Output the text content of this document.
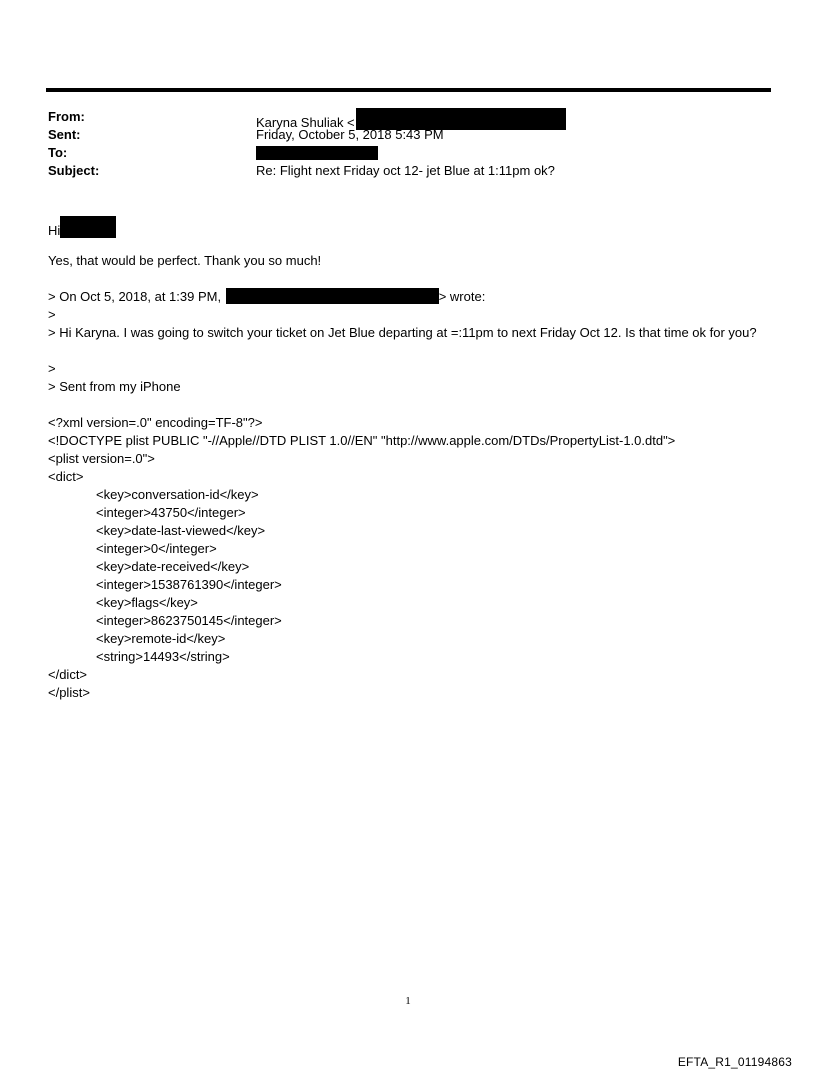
From:	Karyna Shuliak <
Sent:	Friday, October 5, 2018 5:43 PM
To:
Subject:	Re: Flight next Friday oct 12- jet Blue at 1:11pm ok?
Hi
Yes, that would be perfect. Thank you so much!
> On Oct 5, 2018, at 1:39 PM,	> wrote:
>
> Hi Karyna. I was going to switch your ticket on Jet Blue departing at =:11pm to next Friday Oct 12. Is that time ok for you?
>
> Sent from my iPhone
<?xml version=.0" encoding=TF-8"?>
<!DOCTYPE plist PUBLIC "-//Apple//DTD PLIST 1.0//EN" "http://www.apple.com/DTDs/PropertyList-1.0.dtd">
<plist version=.0">
<dict>
<key>conversation-id</key>
<integer>43750</integer>
<key>date-last-viewed</key>
<integer>0</integer>
<key>date-received</key>
<integer>1538761390</integer>
<key>flags</key>
<integer>8623750145</integer>
<key>remote-id</key>
<string>14493</string>
</dict>
</plist>
1
EFTA_R1_01194863
